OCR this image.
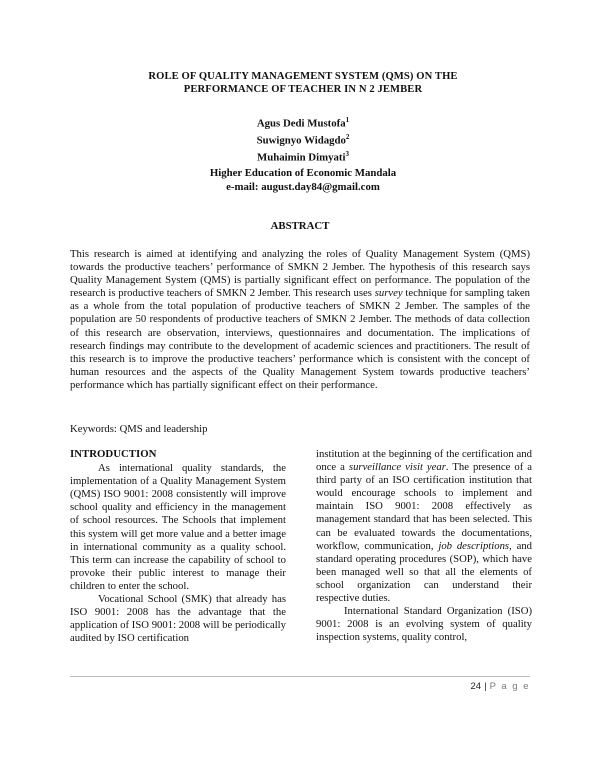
ROLE OF QUALITY MANAGEMENT SYSTEM (QMS) ON THE
PERFORMANCE OF TEACHER IN N 2 JEMBER
Agus Dedi Mustofa$^1$
Suwignyo Widagdo$^2$
Muhaimin Dimyati$^3$
Higher Education of Economic Mandala
e-mail: august.day84@gmail.com
ABSTRACT

This research is aimed at identifying and analyzing the roles of Quality Management System (QMS) towards the productive teachers’ performance of SMKN 2 Jember. The hypothesis of this research says Quality Management System (QMS) is partially significant effect on performance. The population of the research is productive teachers of SMKN 2 Jember. This research uses survey technique for sampling taken as a whole from the total population of productive teachers of SMKN 2 Jember. The samples of the population are 50 respondents of productive teachers of SMKN 2 Jember. The methods of data collection of this research are observation, interviews, questionnaires and documentation. The implications of research findings may contribute to the development of academic sciences and practitioners. The result of this research is to improve the productive teachers’ performance which is consistent with the concept of human resources and the aspects of the Quality Management System towards productive teachers’ performance which has partially significant effect on their performance.

Keywords: QMS and leadership

INTRODUCTION

As international quality standards, the implementation of a Quality Management System (QMS) ISO 9001: 2008 consistently will improve school quality and efficiency in the management of school resources. The Schools that implement this system will get more value and a better image in international community as a quality school. This term can increase the capability of school to provoke their public interest to manage their children to enter the school.

Vocational School (SMK) that already has ISO 9001: 2008 has the advantage that the application of ISO 9001: 2008 will be periodically audited by ISO certification

institution at the beginning of the certification and once a surveillance visit year. The presence of a third party of an ISO certification institution that would encourage schools to implement and maintain ISO 9001: 2008 effectively as management standard that has been selected. This can be evaluated towards the documentations, workflow, communication, job descriptions, and standard operating procedures (SOP), which have been managed well so that all the elements of school organization can understand their respective duties.

International Standard Organization (ISO) 9001: 2008 is an evolving system of quality inspection systems, quality control,

24 | P a g e
